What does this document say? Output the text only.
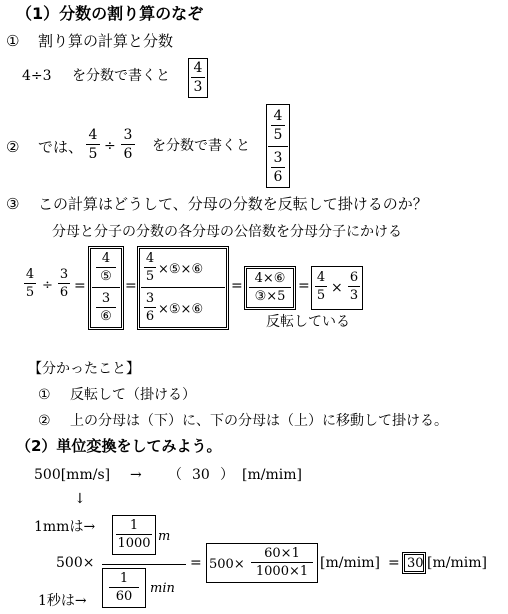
（1）分数の割り算のなぞ
① 割り算の計算と分数
4÷3 を分数で書くと 4
3
② では、
4
5 ÷
3
6 を分数で書くと
4
5
3
6
③ この計算はどうして、分母の分数を反転して掛けるのか？
分母と分子の分数の各分母の公倍数を分母分子にかける
4
5 ÷
3
6 =
4
⑤
3
⑥
=
4
5 ×⑤×⑥
3
6 ×⑤×⑥
= 4×⑥
③×5
=
4
5 ×
6
3
反転している
【分かったこと】
① 反転して（掛ける）
② 上の分母は（下）に、下の分母は（上）に移動して掛ける。
（2）単位変換をしてみよう。
500[mm/s] → （ 30 ） [m/mim]
↓
1mmは→	1
1000 m
500×
1
60
min
1秒は→
= 500×
60×1
1000×1
[m/mim] = 30 [m/mim]
